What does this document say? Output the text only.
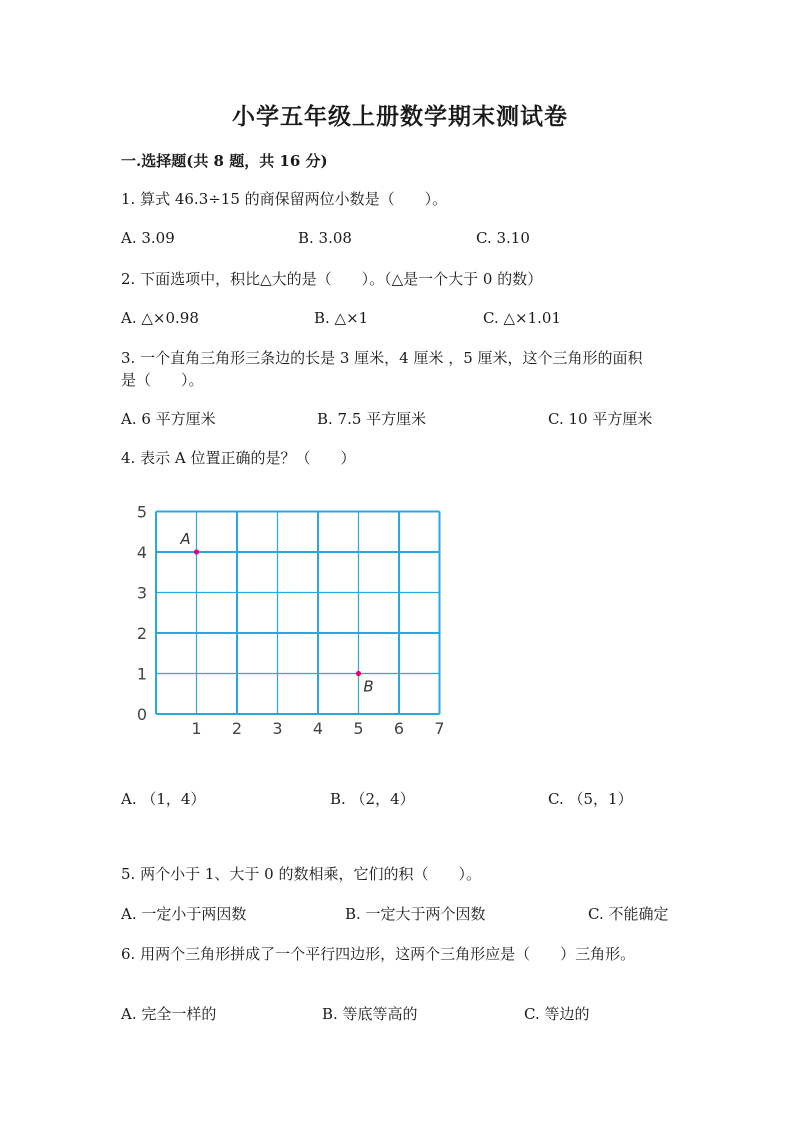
小学五年级上册数学期末测试卷
一.选择题(共 8 题，共 16 分)
1. 算式 46.3÷15 的商保留两位小数是（　　）。
A. 3.09	B. 3.08	C. 3.10
2. 下面选项中，积比△大的是（　　）。（△是一个大于 0 的数）
A. △×0.98	B. △×1	C. △×1.01
3. 一个直角三角形三条边的长是 3 厘米，4 厘米 ，5 厘米，这个三角形的面积
是（　　）。
A. 6 平方厘米	B. 7.5 平方厘米	C. 10 平方厘米
4. 表示 A 位置正确的是？（　　）
1 2 3 4 5 6 7
0
1
2
3
4
5
A
B
A. （1，4）	B. （2，4）	C. （5，1）
5. 两个小于 1、大于 0 的数相乘，它们的积（　　）。
A. 一定小于两因数	B. 一定大于两个因数	C. 不能确定
6. 用两个三角形拼成了一个平行四边形，这两个三角形应是（　　）三角形。
A. 完全一样的	B. 等底等高的	C. 等边的
